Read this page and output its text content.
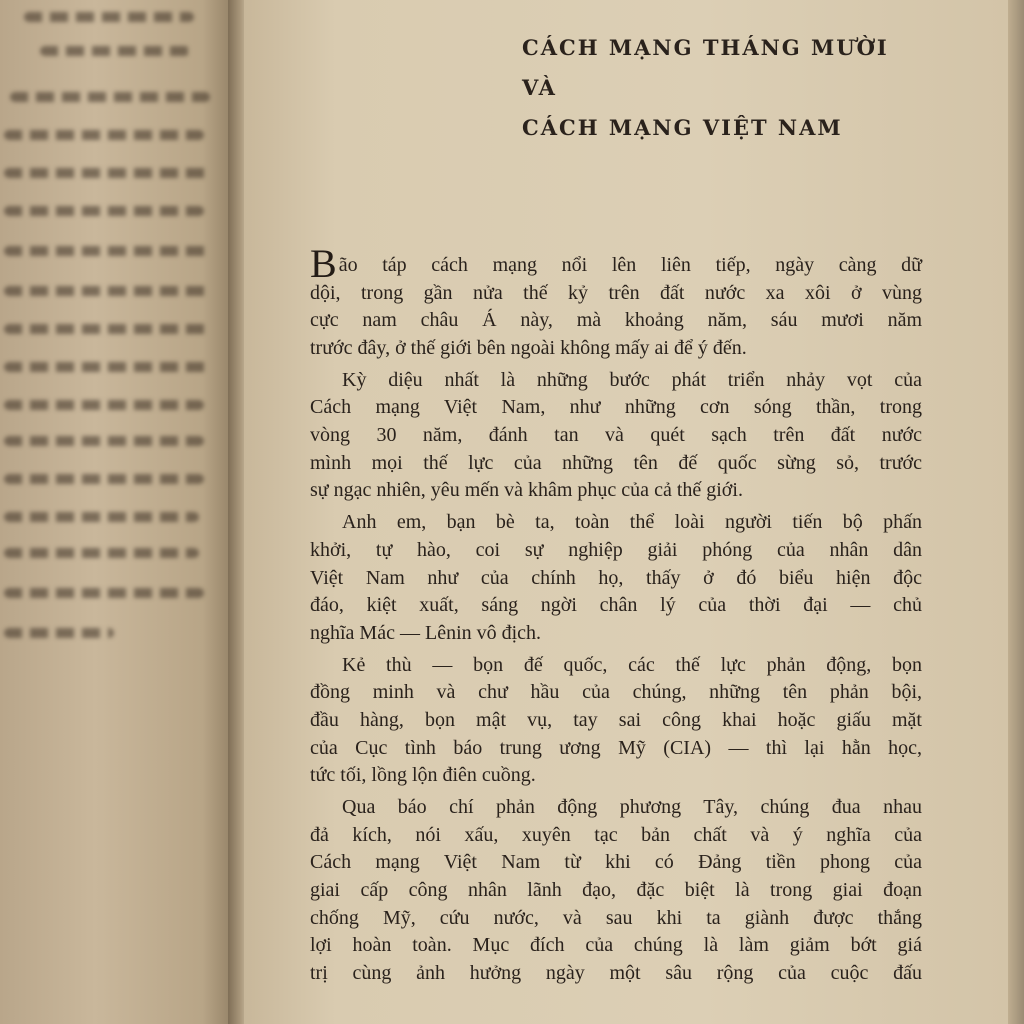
CÁCH MẠNG THÁNG MƯỜI
VÀ
CÁCH MẠNG VIỆT NAM
Bão táp cách mạng nổi lên liên tiếp, ngày càng dữ
dội, trong gần nửa thế kỷ trên đất nước xa xôi ở vùng
cực nam châu Á này, mà khoảng năm, sáu mươi năm
trước đây, ở thế giới bên ngoài không mấy ai để ý đến.
Kỳ diệu nhất là những bước phát triển nhảy vọt của
Cách mạng Việt Nam, như những cơn sóng thần, trong
vòng 30 năm, đánh tan và quét sạch trên đất nước
mình mọi thế lực của những tên đế quốc sừng sỏ, trước
sự ngạc nhiên, yêu mến và khâm phục của cả thế giới.
Anh em, bạn bè ta, toàn thể loài người tiến bộ phấn
khởi, tự hào, coi sự nghiệp giải phóng của nhân dân
Việt Nam như của chính họ, thấy ở đó biểu hiện độc
đáo, kiệt xuất, sáng ngời chân lý của thời đại — chủ
nghĩa Mác — Lênin vô địch.
Kẻ thù — bọn đế quốc, các thế lực phản động, bọn
đồng minh và chư hầu của chúng, những tên phản bội,
đầu hàng, bọn mật vụ, tay sai công khai hoặc giấu mặt
của Cục tình báo trung ương Mỹ (CIA) — thì lại hằn học,
tức tối, lồng lộn điên cuồng.
Qua báo chí phản động phương Tây, chúng đua nhau
đả kích, nói xấu, xuyên tạc bản chất và ý nghĩa của
Cách mạng Việt Nam từ khi có Đảng tiền phong của
giai cấp công nhân lãnh đạo, đặc biệt là trong giai đoạn
chống Mỹ, cứu nước, và sau khi ta giành được thắng
lợi hoàn toàn. Mục đích của chúng là làm giảm bớt giá
trị cùng ảnh hưởng ngày một sâu rộng của cuộc đấu
